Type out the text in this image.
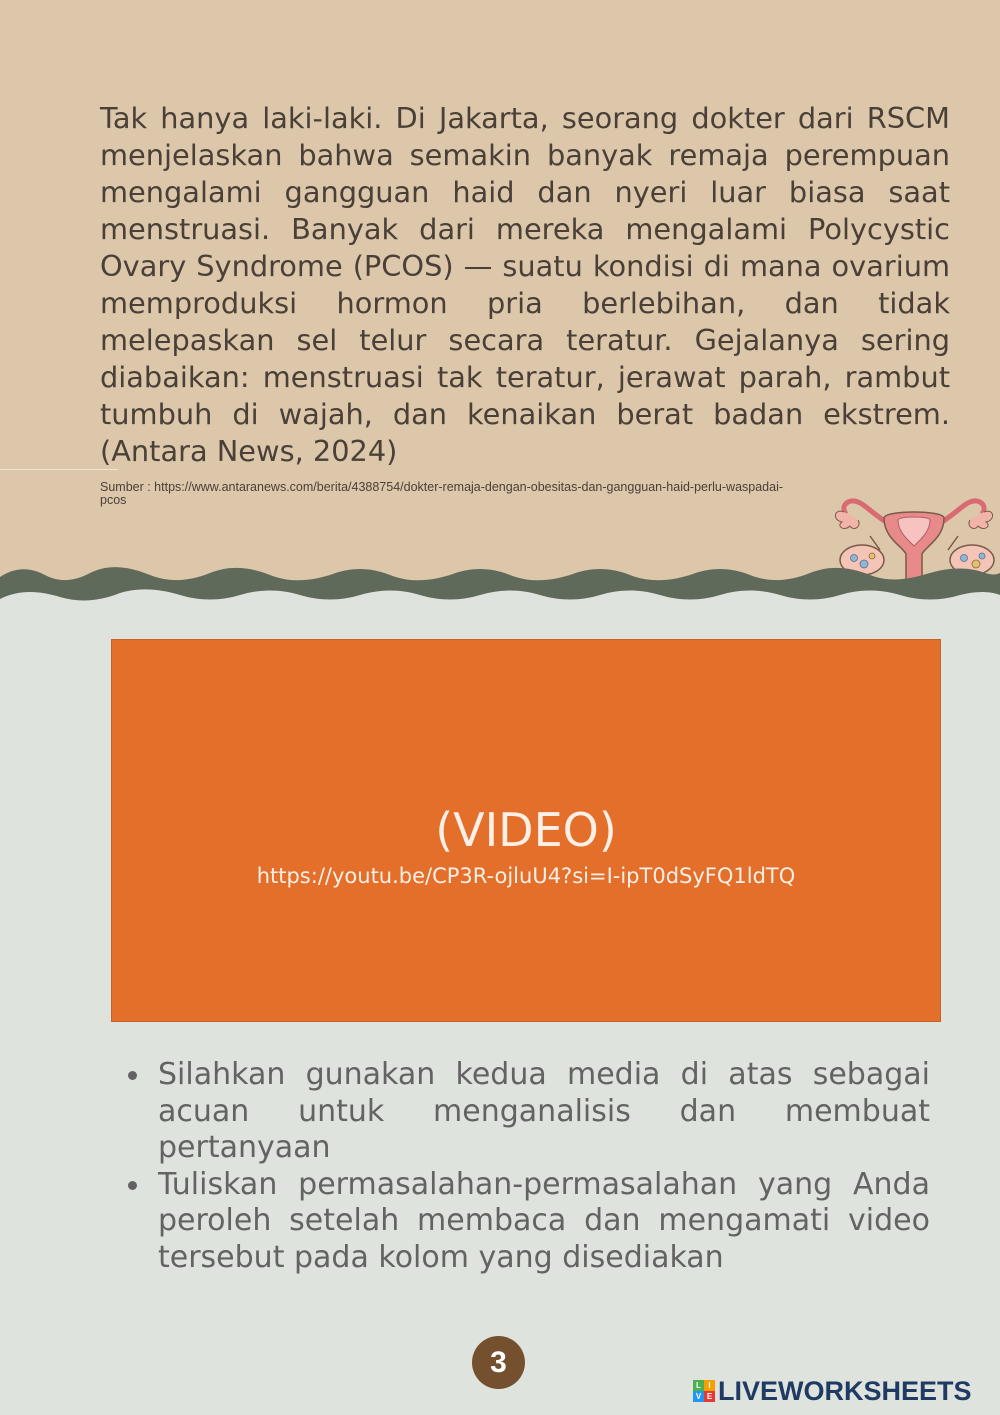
Tak hanya laki-laki. Di Jakarta, seorang dokter dari RSCM menjelaskan bahwa semakin banyak remaja perempuan mengalami gangguan haid dan nyeri luar biasa saat menstruasi. Banyak dari mereka mengalami Polycystic Ovary Syndrome (PCOS) — suatu kondisi di mana ovarium memproduksi hormon pria berlebihan, dan tidak melepaskan sel telur secara teratur. Gejalanya sering diabaikan: menstruasi tak teratur, jerawat parah, rambut tumbuh di wajah, dan kenaikan berat badan ekstrem. (Antara News, 2024)

Sumber : https://www.antaranews.com/berita/4388754/dokter-remaja-dengan-obesitas-dan-gangguan-haid-perlu-waspadai-pcos

(VIDEO)
https://youtu.be/CP3R-ojluU4?si=I-ipT0dSyFQ1ldTQ
Silahkan gunakan kedua media di atas sebagai acuan untuk menganalisis dan membuat pertanyaan
Tuliskan permasalahan-permasalahan yang Anda peroleh setelah membaca dan mengamati video tersebut pada kolom yang disediakan
3
L I
V E LIVEWORKSHEETS
